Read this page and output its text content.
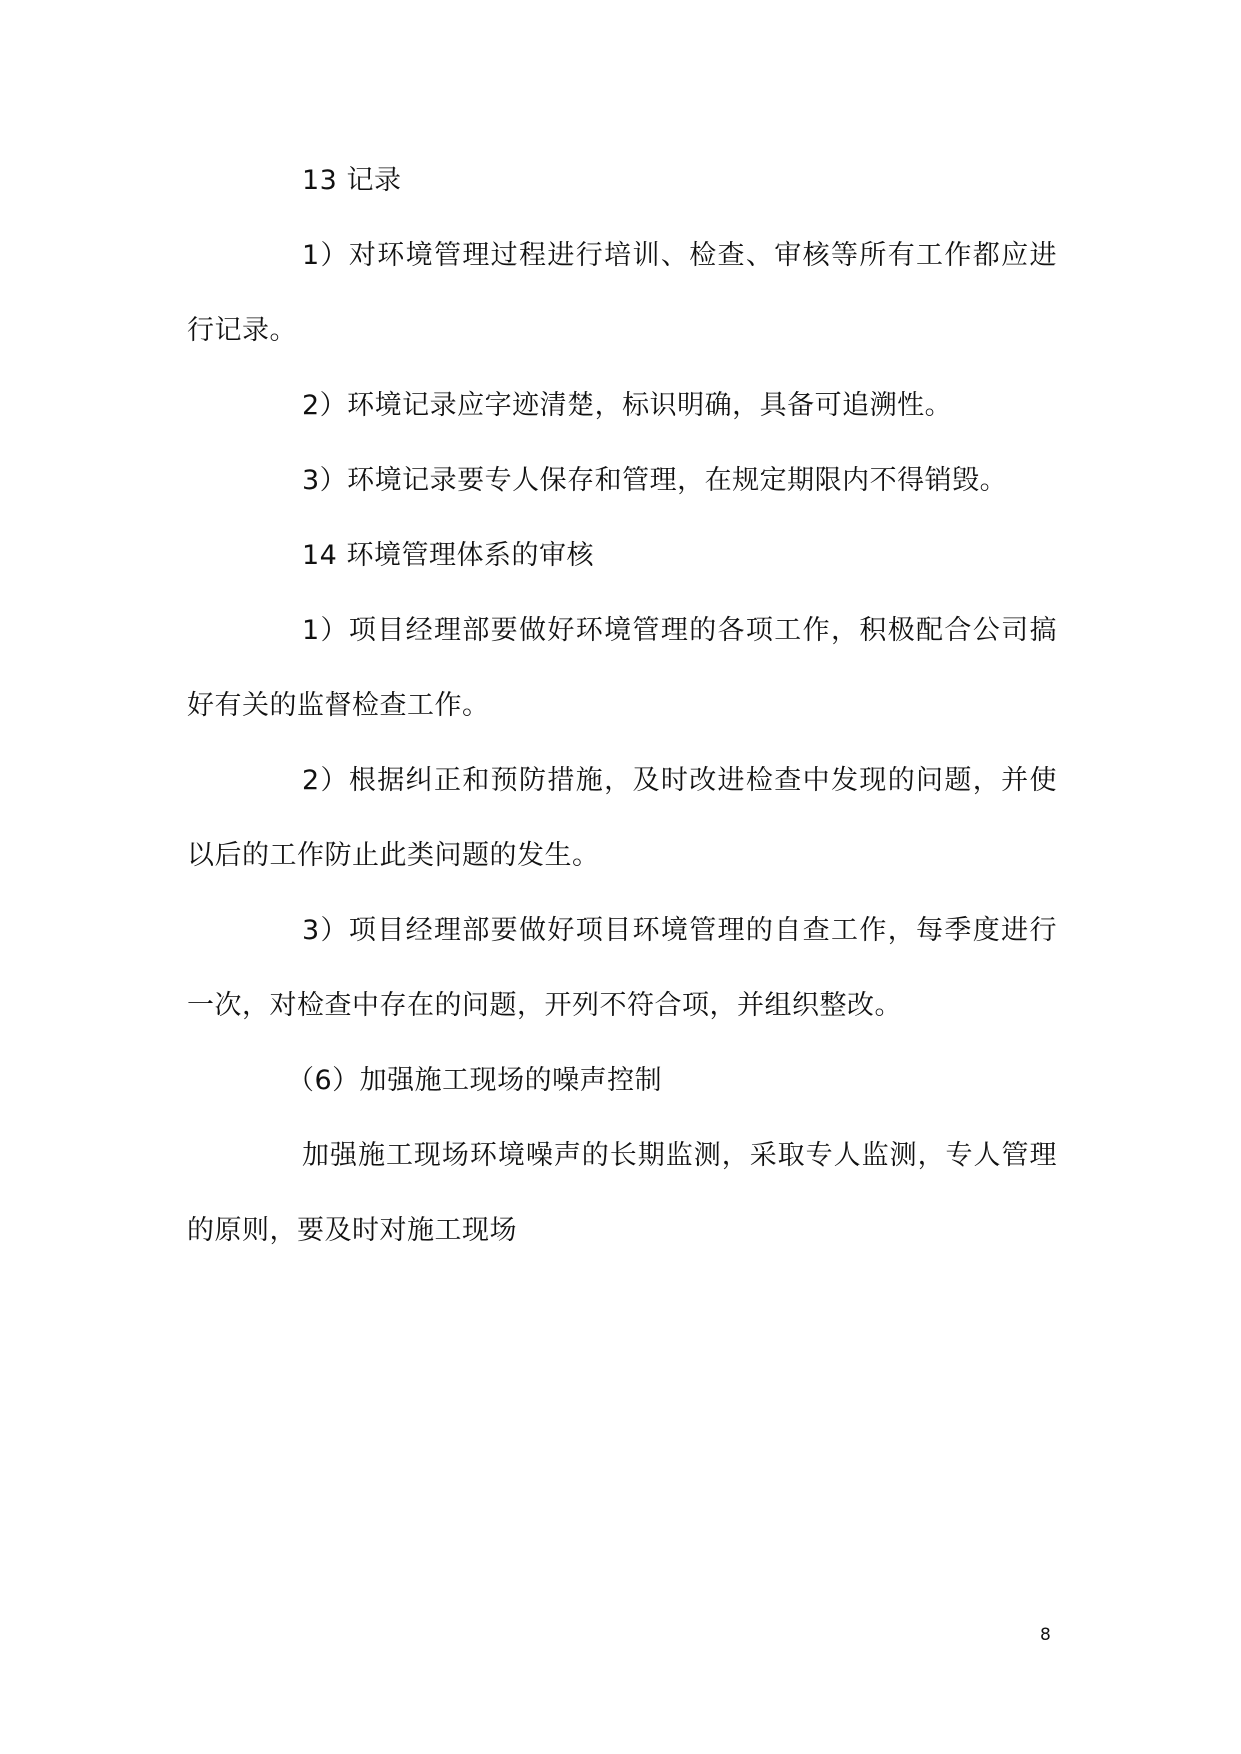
13 记录

1）对环境管理过程进行培训、检查、审核等所有工作都应进行记录。

2）环境记录应字迹清楚，标识明确，具备可追溯性。

3）环境记录要专人保存和管理，在规定期限内不得销毁。

14 环境管理体系的审核

1）项目经理部要做好环境管理的各项工作，积极配合公司搞好有关的监督检查工作。

2）根据纠正和预防措施，及时改进检查中发现的问题，并使以后的工作防止此类问题的发生。

3）项目经理部要做好项目环境管理的自查工作，每季度进行一次，对检查中存在的问题，开列不符合项，并组织整改。

（6）加强施工现场的噪声控制

加强施工现场环境噪声的长期监测，采取专人监测，专人管理的原则，要及时对施工现场

8
